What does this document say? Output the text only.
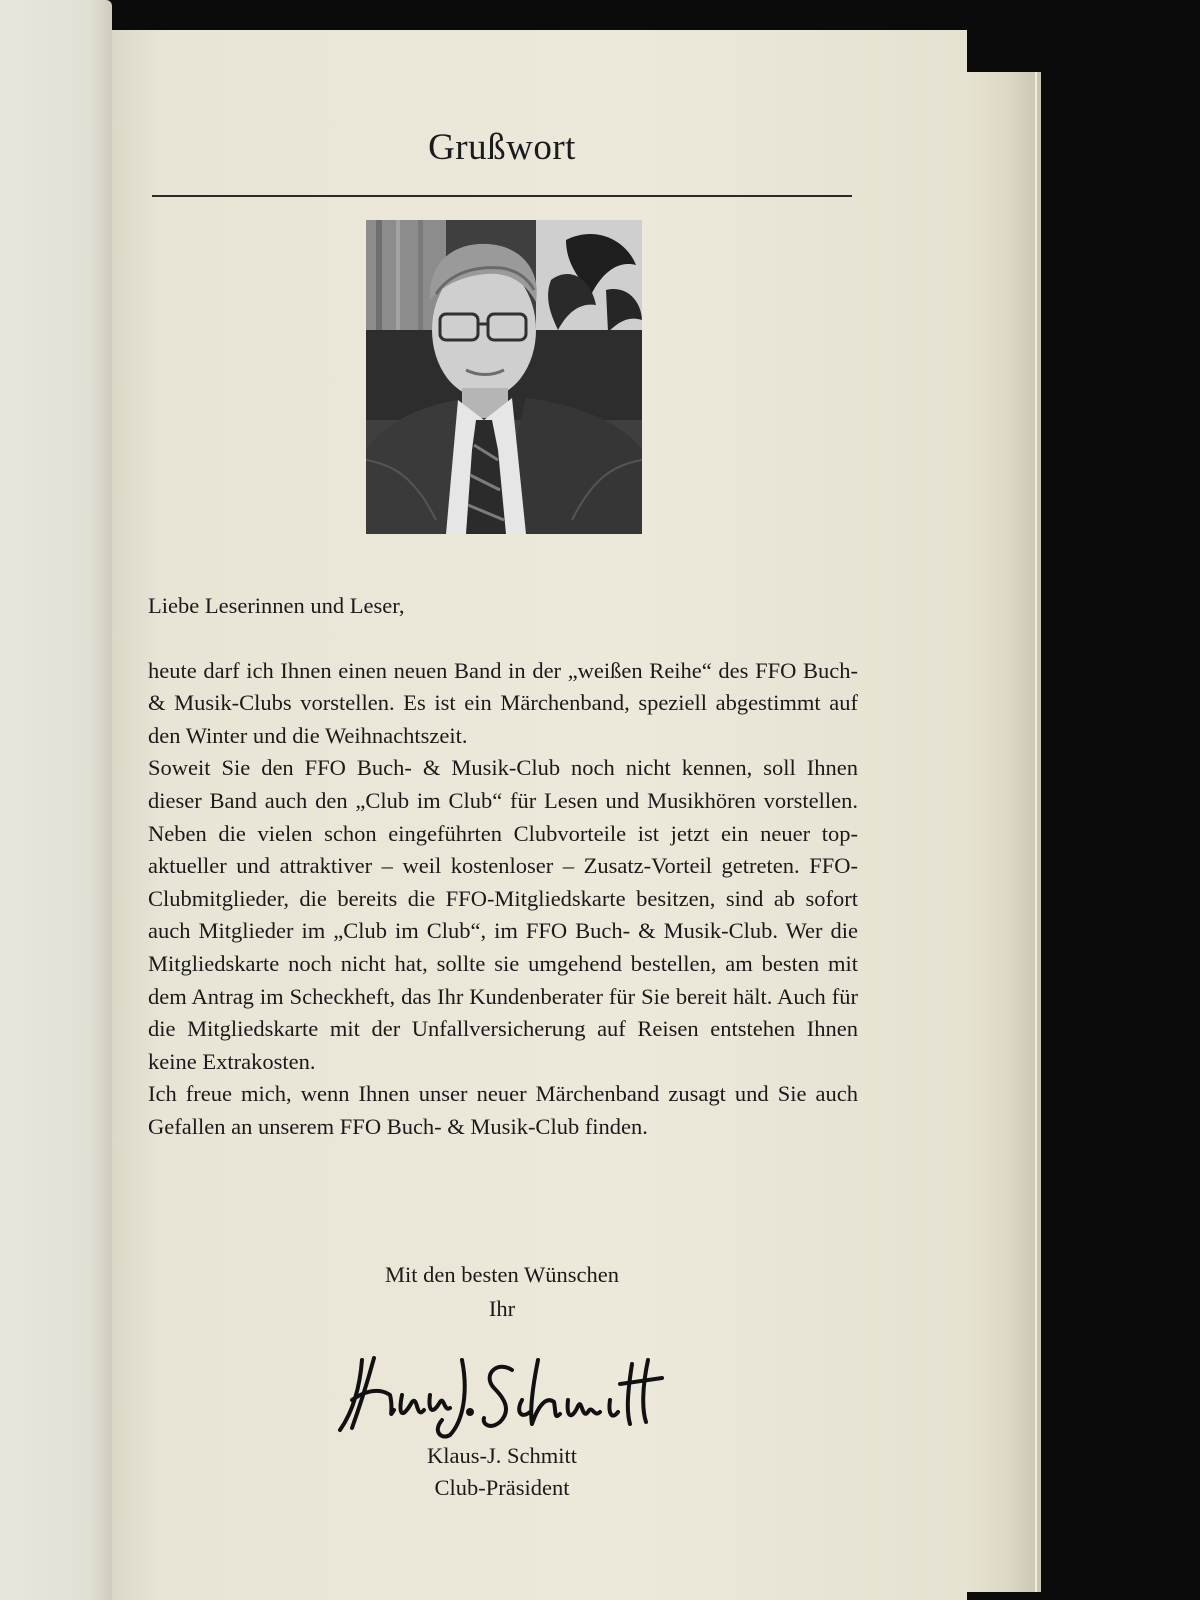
Grußwort

Liebe Leserinnen und Leser,

heute darf ich Ihnen einen neuen Band in der „weißen Reihe“ des FFO Buch- & Musik-Clubs vorstellen. Es ist ein Märchenband, speziell abgestimmt auf den Winter und die Weihnachtszeit.
Soweit Sie den FFO Buch- & Musik-Club noch nicht kennen, soll Ihnen dieser Band auch den „Club im Club“ für Lesen und Musikhören vorstellen. Neben die vielen schon eingeführten Clubvorteile ist jetzt ein neuer top-aktueller und attraktiver – weil kostenloser – Zusatz-Vorteil getreten. FFO-Clubmitglieder, die bereits die FFO-Mitgliedskarte besitzen, sind ab sofort auch Mitglieder im „Club im Club“, im FFO Buch- & Musik-Club. Wer die Mitgliedskarte noch nicht hat, sollte sie umgehend bestellen, am besten mit dem Antrag im Scheckheft, das Ihr Kundenberater für Sie bereit hält. Auch für die Mitgliedskarte mit der Unfallversicherung auf Reisen entstehen Ihnen keine Extrakosten.
Ich freue mich, wenn Ihnen unser neuer Märchenband zusagt und Sie auch Gefallen an unserem FFO Buch- & Musik-Club finden.

Mit den besten Wünschen
Ihr
Klaus-J. Schmitt
Club-Präsident
